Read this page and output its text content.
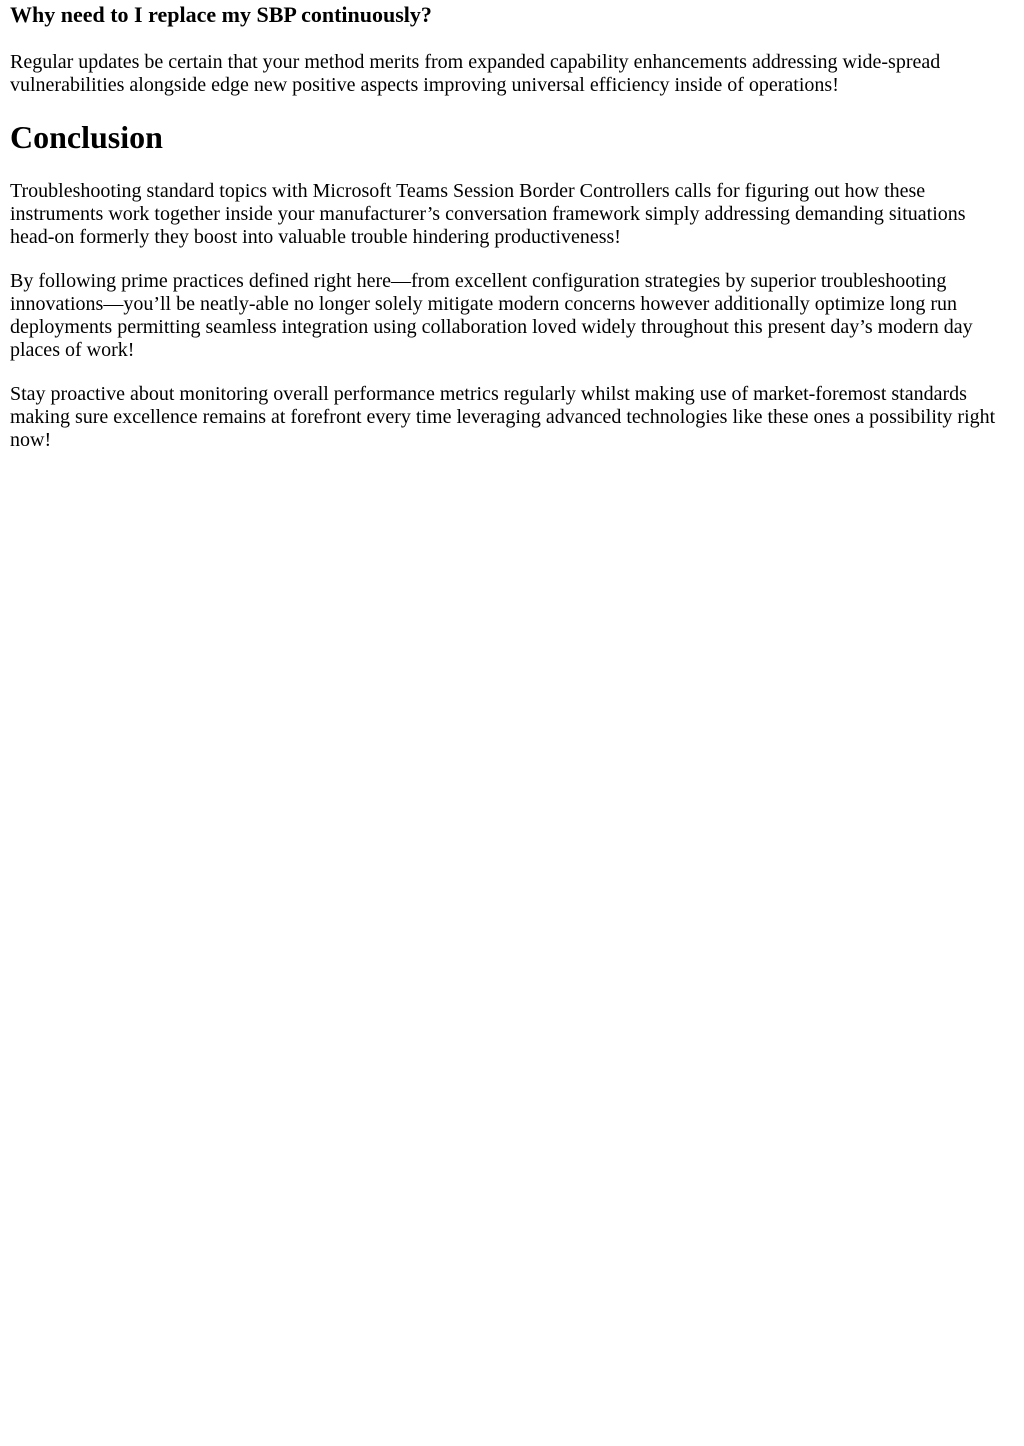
Why need to I replace my SBP continuously?

Regular updates be certain that your method merits from expanded capability enhancements addressing wide-spread vulnerabilities alongside edge new positive aspects improving universal efficiency inside of operations!

Conclusion

Troubleshooting standard topics with Microsoft Teams Session Border Controllers calls for figuring out how these instruments work together inside your manufacturer’s conversation framework simply addressing demanding situations head-on formerly they boost into valuable trouble hindering productiveness!

By following prime practices defined right here—from excellent configuration strategies by superior troubleshooting innovations—you’ll be neatly-able no longer solely mitigate modern concerns however additionally optimize long run deployments permitting seamless integration using collaboration loved widely throughout this present day’s modern day places of work!

Stay proactive about monitoring overall performance metrics regularly whilst making use of market-foremost standards making sure excellence remains at forefront every time leveraging advanced technologies like these ones a possibility right now!
